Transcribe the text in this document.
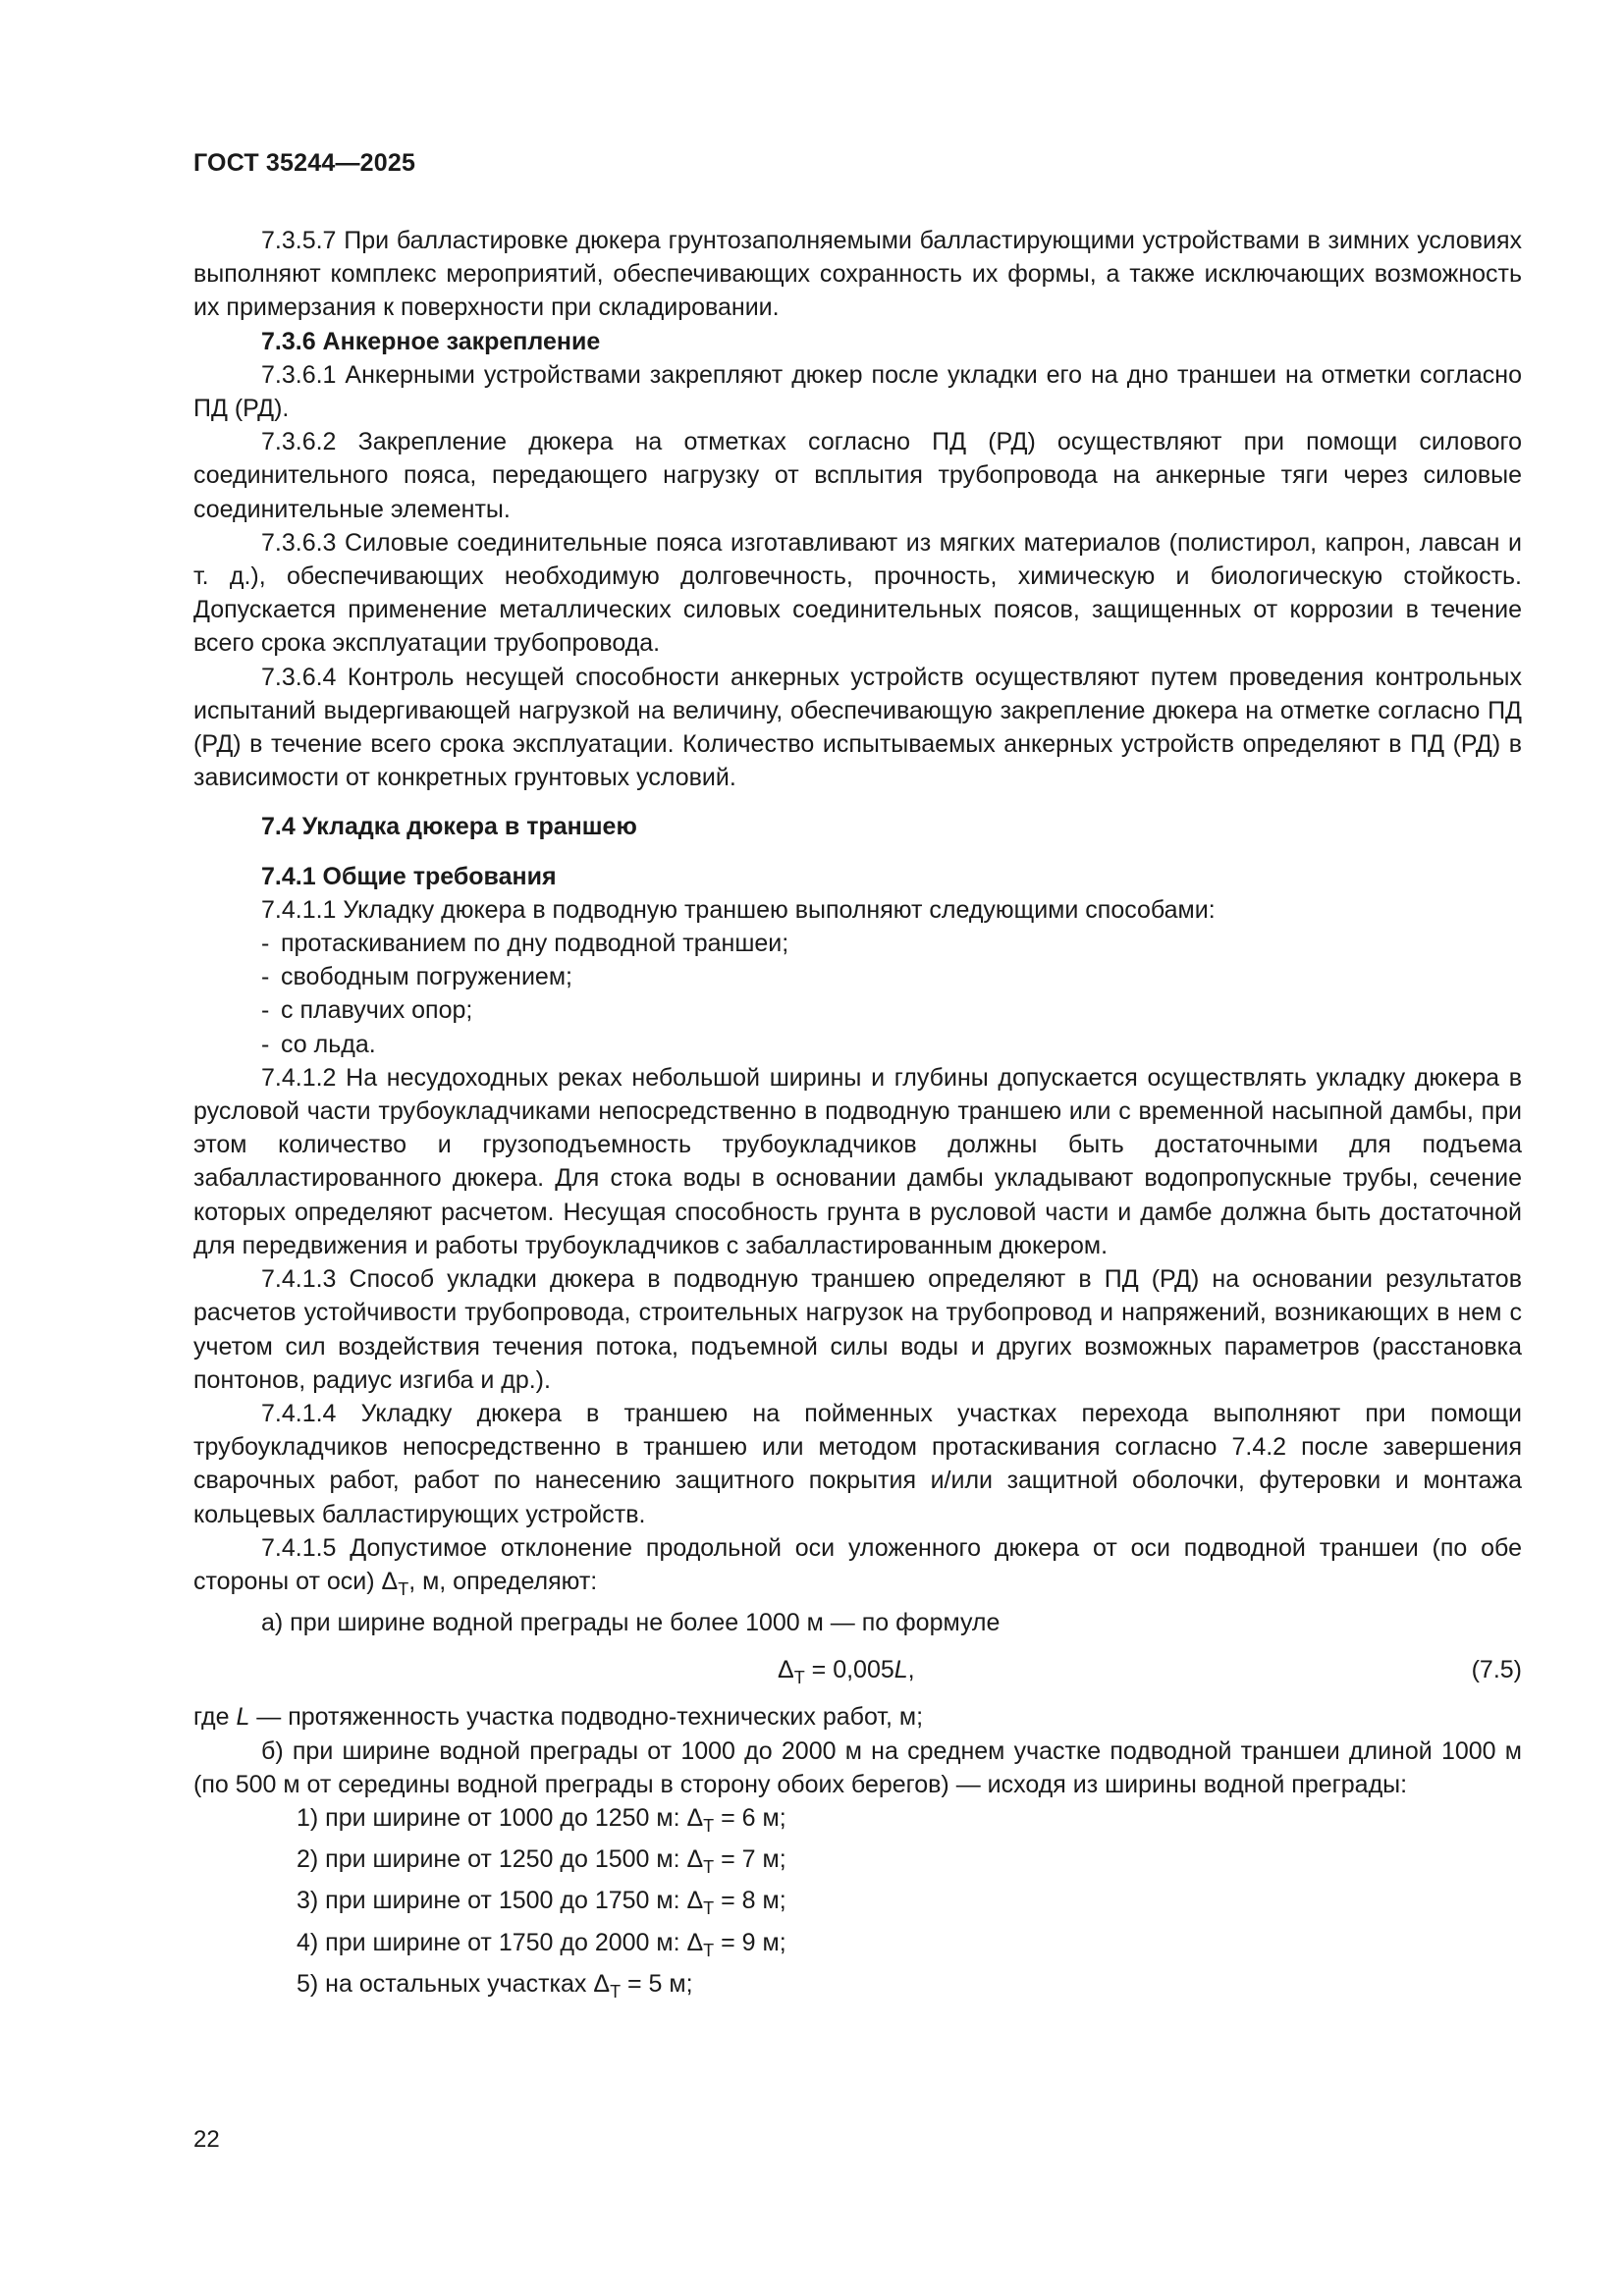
ГОСТ 35244—2025

7.3.5.7 При балластировке дюкера грунтозаполняемыми балластирующими устройствами в зимних условиях выполняют комплекс мероприятий, обеспечивающих сохранность их формы, а также исключающих возможность их примерзания к поверхности при складировании.

7.3.6 Анкерное закрепление

7.3.6.1 Анкерными устройствами закрепляют дюкер после укладки его на дно траншеи на отметки согласно ПД (РД).

7.3.6.2 Закрепление дюкера на отметках согласно ПД (РД) осуществляют при помощи силового соединительного пояса, передающего нагрузку от всплытия трубопровода на анкерные тяги через силовые соединительные элементы.

7.3.6.3 Силовые соединительные пояса изготавливают из мягких материалов (полистирол, капрон, лавсан и т. д.), обеспечивающих необходимую долговечность, прочность, химическую и биологическую стойкость. Допускается применение металлических силовых соединительных поясов, защищенных от коррозии в течение всего срока эксплуатации трубопровода.

7.3.6.4 Контроль несущей способности анкерных устройств осуществляют путем проведения контрольных испытаний выдергивающей нагрузкой на величину, обеспечивающую закрепление дюкера на отметке согласно ПД (РД) в течение всего срока эксплуатации. Количество испытываемых анкерных устройств определяют в ПД (РД) в зависимости от конкретных грунтовых условий.

7.4 Укладка дюкера в траншею

7.4.1 Общие требования

7.4.1.1 Укладку дюкера в подводную траншею выполняют следующими способами:

- протаскиванием по дну подводной траншеи;
- свободным погружением;
- с плавучих опор;
- со льда.

7.4.1.2 На несудоходных реках небольшой ширины и глубины допускается осуществлять укладку дюкера в русловой части трубоукладчиками непосредственно в подводную траншею или с временной насыпной дамбы, при этом количество и грузоподъемность трубоукладчиков должны быть достаточными для подъема забалластированного дюкера. Для стока воды в основании дамбы укладывают водопропускные трубы, сечение которых определяют расчетом. Несущая способность грунта в русловой части и дамбе должна быть достаточной для передвижения и работы трубоукладчиков с забалластированным дюкером.

7.4.1.3 Способ укладки дюкера в подводную траншею определяют в ПД (РД) на основании результатов расчетов устойчивости трубопровода, строительных нагрузок на трубопровод и напряжений, возникающих в нем с учетом сил воздействия течения потока, подъемной силы воды и других возможных параметров (расстановка понтонов, радиус изгиба и др.).

7.4.1.4 Укладку дюкера в траншею на пойменных участках перехода выполняют при помощи трубоукладчиков непосредственно в траншею или методом протаскивания согласно 7.4.2 после завершения сварочных работ, работ по нанесению защитного покрытия и/или защитной оболочки, футеровки и монтажа кольцевых балластирующих устройств.

7.4.1.5 Допустимое отклонение продольной оси уложенного дюкера от оси подводной траншеи (по обе стороны от оси) $\Delta_Т$, м, определяют:

а) при ширине водной преграды не более 1000 м — по формуле

$\Delta_Т = 0,005L$,	(7.5)

где L — протяженность участка подводно-технических работ, м;

б) при ширине водной преграды от 1000 до 2000 м на среднем участке подводной траншеи длиной 1000 м (по 500 м от середины водной преграды в сторону обоих берегов) — исходя из ширины водной преграды:

1) при ширине от 1000 до 1250 м: $\Delta_Т = 6$ м;
2) при ширине от 1250 до 1500 м: $\Delta_Т = 7$ м;
3) при ширине от 1500 до 1750 м: $\Delta_Т = 8$ м;
4) при ширине от 1750 до 2000 м: $\Delta_Т = 9$ м;
5) на остальных участках $\Delta_Т = 5$ м;
22
